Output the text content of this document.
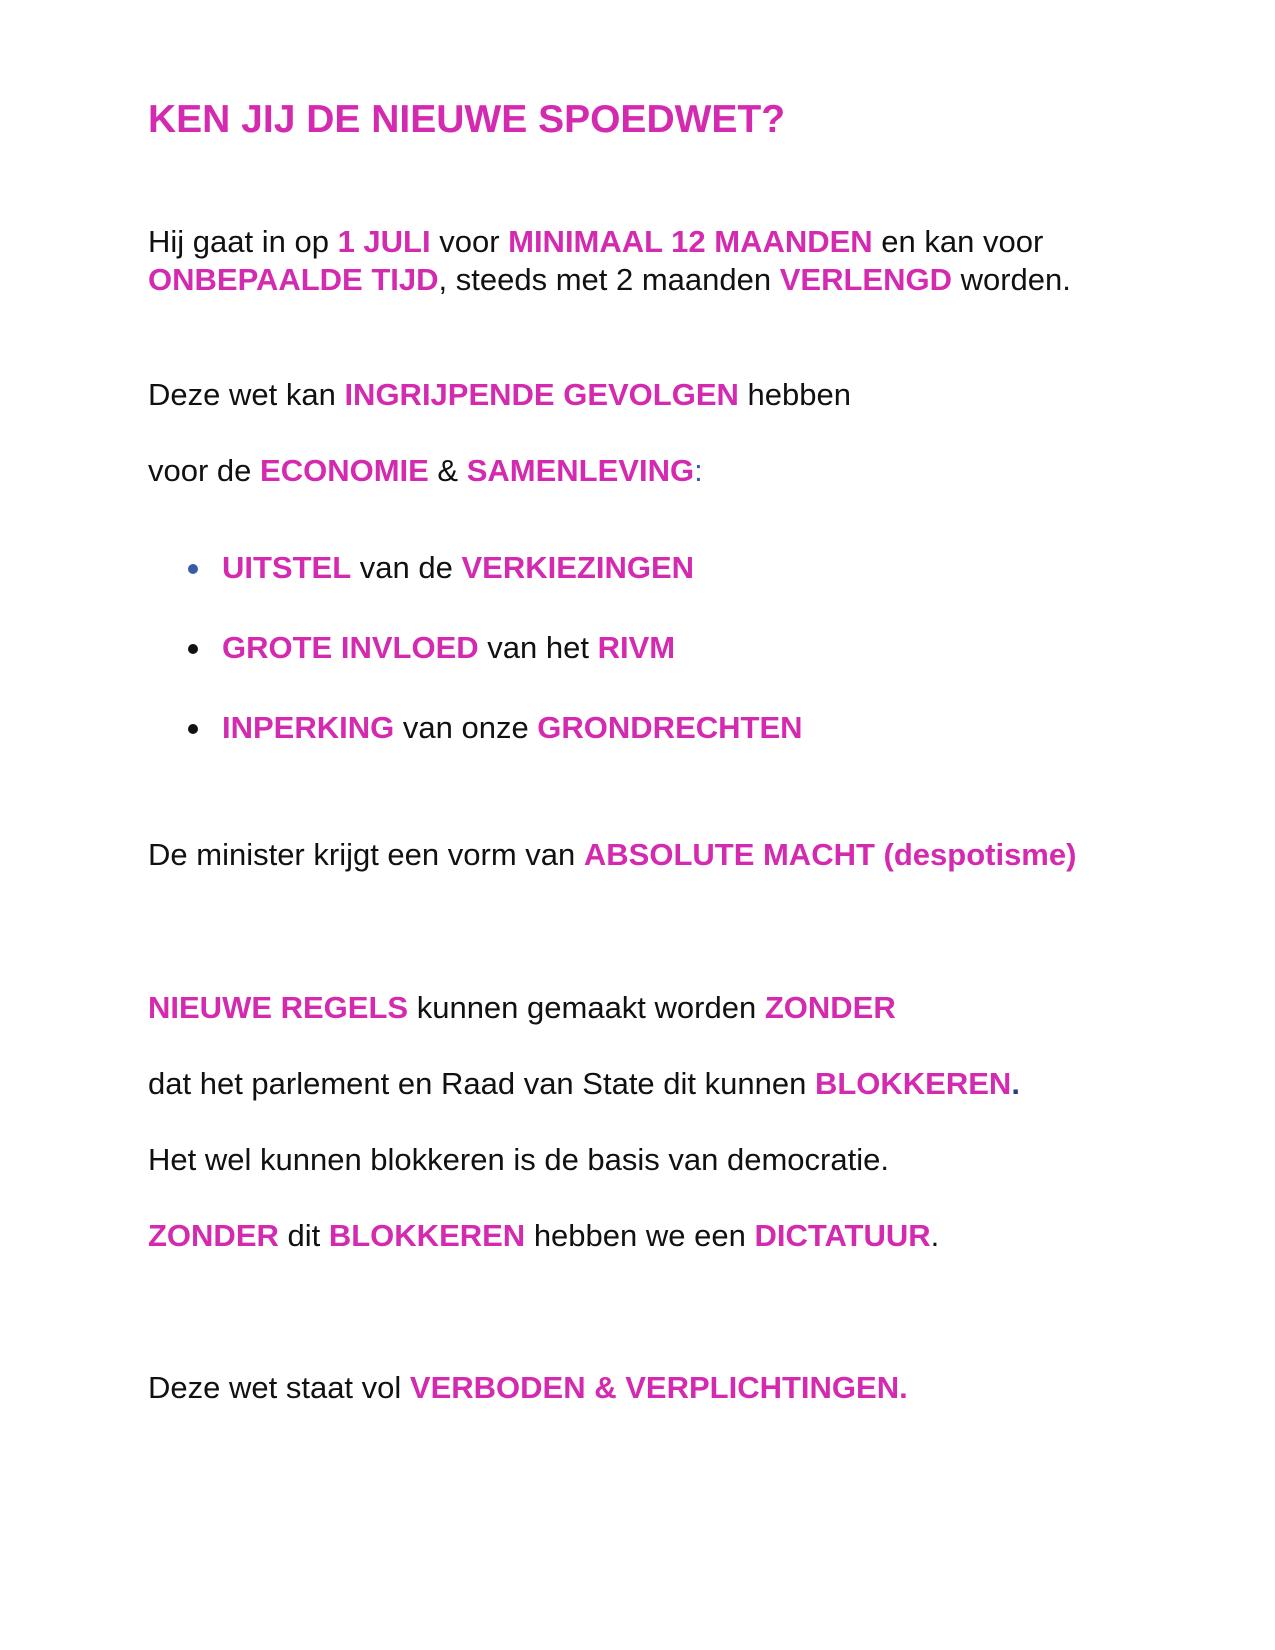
KEN JIJ DE NIEUWE SPOEDWET?
Hij gaat in op 1 JULI voor MINIMAAL 12 MAANDEN en kan voor
ONBEPAALDE TIJD, steeds met 2 maanden VERLENGD worden.
Deze wet kan INGRIJPENDE GEVOLGEN hebben
voor de ECONOMIE & SAMENLEVING:
UITSTEL van de VERKIEZINGEN
GROTE INVLOED van het RIVM
INPERKING van onze GRONDRECHTEN
De minister krijgt een vorm van ABSOLUTE MACHT (despotisme)
NIEUWE REGELS kunnen gemaakt worden ZONDER
dat het parlement en Raad van State dit kunnen BLOKKEREN.
Het wel kunnen blokkeren is de basis van democratie.
ZONDER dit BLOKKEREN hebben we een DICTATUUR.
Deze wet staat vol VERBODEN & VERPLICHTINGEN.
